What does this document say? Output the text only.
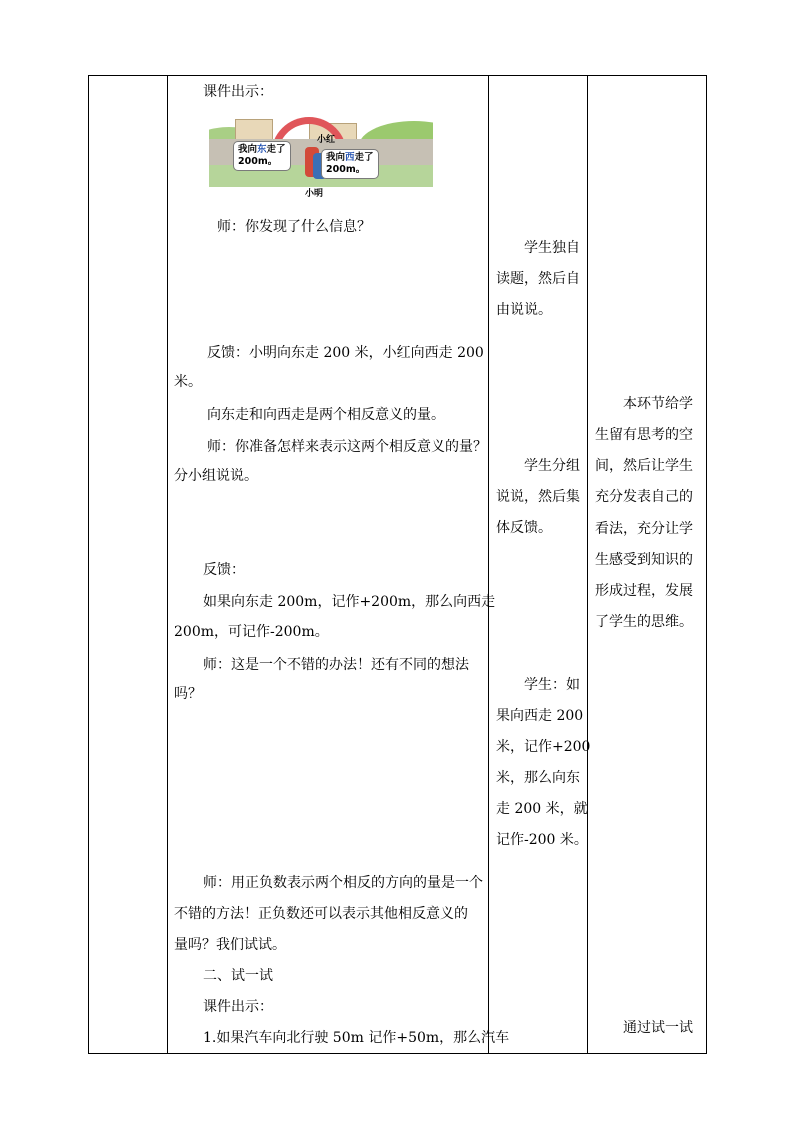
课件出示：
我向东走了
200m。	我向西走了
200m。
小红
小明
师：你发现了什么信息？
反馈：小明向东走 200 米，小红向西走 200
米。
向东走和向西走是两个相反意义的量。
师：你准备怎样来表示这两个相反意义的量？
分小组说说。
反馈：
如果向东走 200m，记作+200m，那么向西走
200m，可记作-200m。
师：这是一个不错的办法！还有不同的想法
吗？
师：用正负数表示两个相反的方向的量是一个
不错的方法！正负数还可以表示其他相反意义的
量吗？我们试试。
二、试一试
课件出示：
1.如果汽车向北行驶 50m 记作+50m，那么汽车
学生独自
读题，然后自
由说说。
学生分组
说说，然后集
体反馈。
学生：如
果向西走 200
米，记作+200
米，那么向东
走 200 米，就
记作-200 米。
本环节给学
生留有思考的空
间，然后让学生
充分发表自己的
看法，充分让学
生感受到知识的
形成过程，发展
了学生的思维。
通过试一试
